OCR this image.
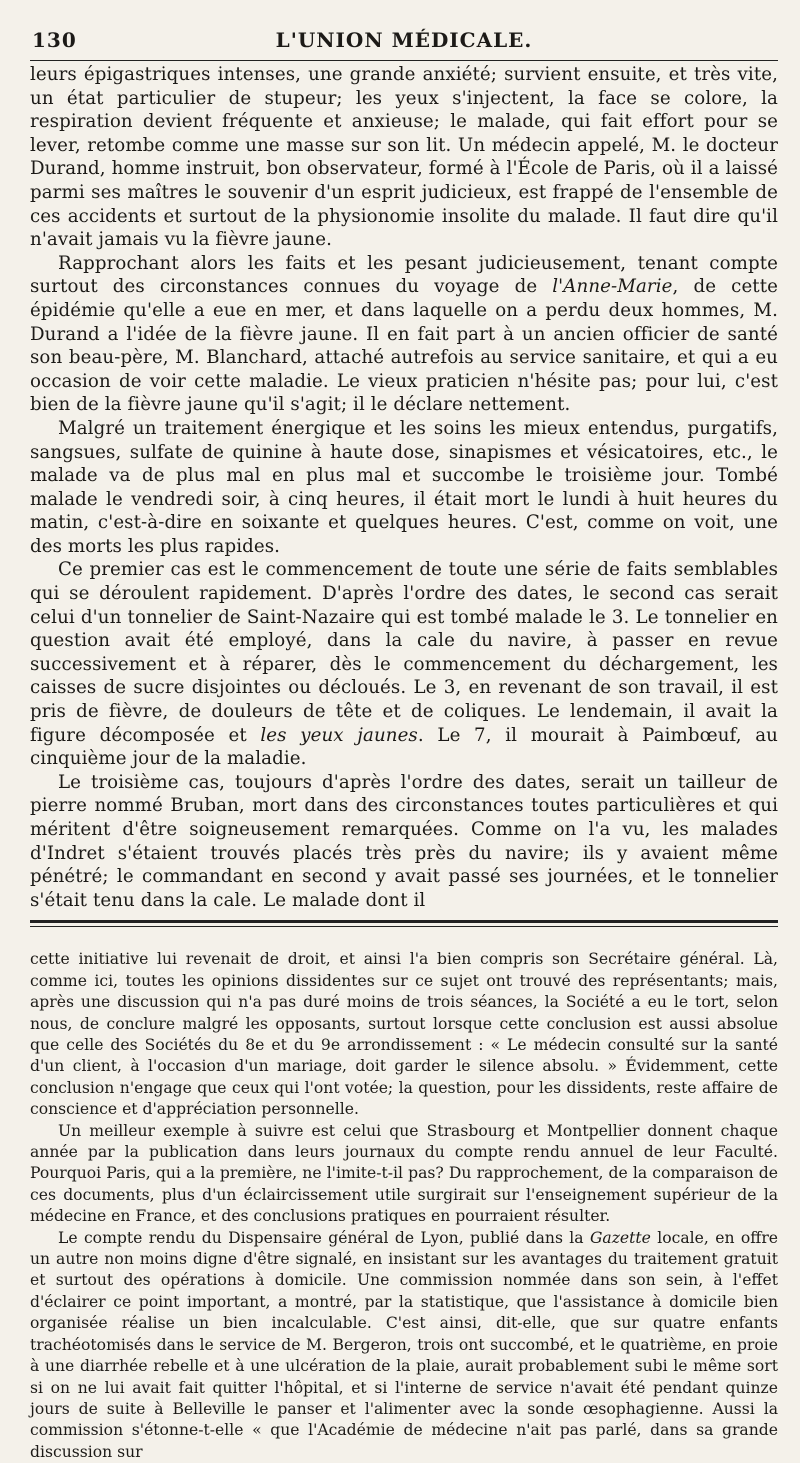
130	L'UNION MÉDICALE.

leurs épigastriques intenses, une grande anxiété; survient ensuite, et très vite, un état particulier de stupeur; les yeux s'injectent, la face se colore, la respiration devient fréquente et anxieuse; le malade, qui fait effort pour se lever, retombe comme une masse sur son lit. Un médecin appelé, M. le docteur Durand, homme instruit, bon observateur, formé à l'École de Paris, où il a laissé parmi ses maîtres le souvenir d'un esprit judicieux, est frappé de l'ensemble de ces accidents et surtout de la physionomie insolite du malade. Il faut dire qu'il n'avait jamais vu la fièvre jaune.

Rapprochant alors les faits et les pesant judicieusement, tenant compte surtout des circonstances connues du voyage de l'Anne-Marie, de cette épidémie qu'elle a eue en mer, et dans laquelle on a perdu deux hommes, M. Durand a l'idée de la fièvre jaune. Il en fait part à un ancien officier de santé son beau-père, M. Blanchard, attaché autrefois au service sanitaire, et qui a eu occasion de voir cette maladie. Le vieux praticien n'hésite pas; pour lui, c'est bien de la fièvre jaune qu'il s'agit; il le déclare nettement.

Malgré un traitement énergique et les soins les mieux entendus, purgatifs, sangsues, sulfate de quinine à haute dose, sinapismes et vésicatoires, etc., le malade va de plus mal en plus mal et succombe le troisième jour. Tombé malade le vendredi soir, à cinq heures, il était mort le lundi à huit heures du matin, c'est-à-dire en soixante et quelques heures. C'est, comme on voit, une des morts les plus rapides.

Ce premier cas est le commencement de toute une série de faits semblables qui se déroulent rapidement. D'après l'ordre des dates, le second cas serait celui d'un tonnelier de Saint-Nazaire qui est tombé malade le 3. Le tonnelier en question avait été employé, dans la cale du navire, à passer en revue successivement et à réparer, dès le commencement du déchargement, les caisses de sucre disjointes ou décloués. Le 3, en revenant de son travail, il est pris de fièvre, de douleurs de tête et de coliques. Le lendemain, il avait la figure décomposée et les yeux jaunes. Le 7, il mourait à Paimbœuf, au cinquième jour de la maladie.

Le troisième cas, toujours d'après l'ordre des dates, serait un tailleur de pierre nommé Bruban, mort dans des circonstances toutes particulières et qui méritent d'être soigneusement remarquées. Comme on l'a vu, les malades d'Indret s'étaient trouvés placés très près du navire; ils y avaient même pénétré; le commandant en second y avait passé ses journées, et le tonnelier s'était tenu dans la cale. Le malade dont il

cette initiative lui revenait de droit, et ainsi l'a bien compris son Secrétaire général. Là, comme ici, toutes les opinions dissidentes sur ce sujet ont trouvé des représentants; mais, après une discussion qui n'a pas duré moins de trois séances, la Société a eu le tort, selon nous, de conclure malgré les opposants, surtout lorsque cette conclusion est aussi absolue que celle des Sociétés du 8e et du 9e arrondissement : « Le médecin consulté sur la santé d'un client, à l'occasion d'un mariage, doit garder le silence absolu. » Évidemment, cette conclusion n'engage que ceux qui l'ont votée; la question, pour les dissidents, reste affaire de conscience et d'appréciation personnelle.

Un meilleur exemple à suivre est celui que Strasbourg et Montpellier donnent chaque année par la publication dans leurs journaux du compte rendu annuel de leur Faculté. Pourquoi Paris, qui a la première, ne l'imite-t-il pas? Du rapprochement, de la comparaison de ces documents, plus d'un éclaircissement utile surgirait sur l'enseignement supérieur de la médecine en France, et des conclusions pratiques en pourraient résulter.

Le compte rendu du Dispensaire général de Lyon, publié dans la Gazette locale, en offre un autre non moins digne d'être signalé, en insistant sur les avantages du traitement gratuit et surtout des opérations à domicile. Une commission nommée dans son sein, à l'effet d'éclairer ce point important, a montré, par la statistique, que l'assistance à domicile bien organisée réalise un bien incalculable. C'est ainsi, dit-elle, que sur quatre enfants trachéotomisés dans le service de M. Bergeron, trois ont succombé, et le quatrième, en proie à une diarrhée rebelle et à une ulcération de la plaie, aurait probablement subi le même sort si on ne lui avait fait quitter l'hôpital, et si l'interne de service n'avait été pendant quinze jours de suite à Belleville le panser et l'alimenter avec la sonde œsophagienne. Aussi la commission s'étonne-t-elle « que l'Académie de médecine n'ait pas parlé, dans sa grande discussion sur
